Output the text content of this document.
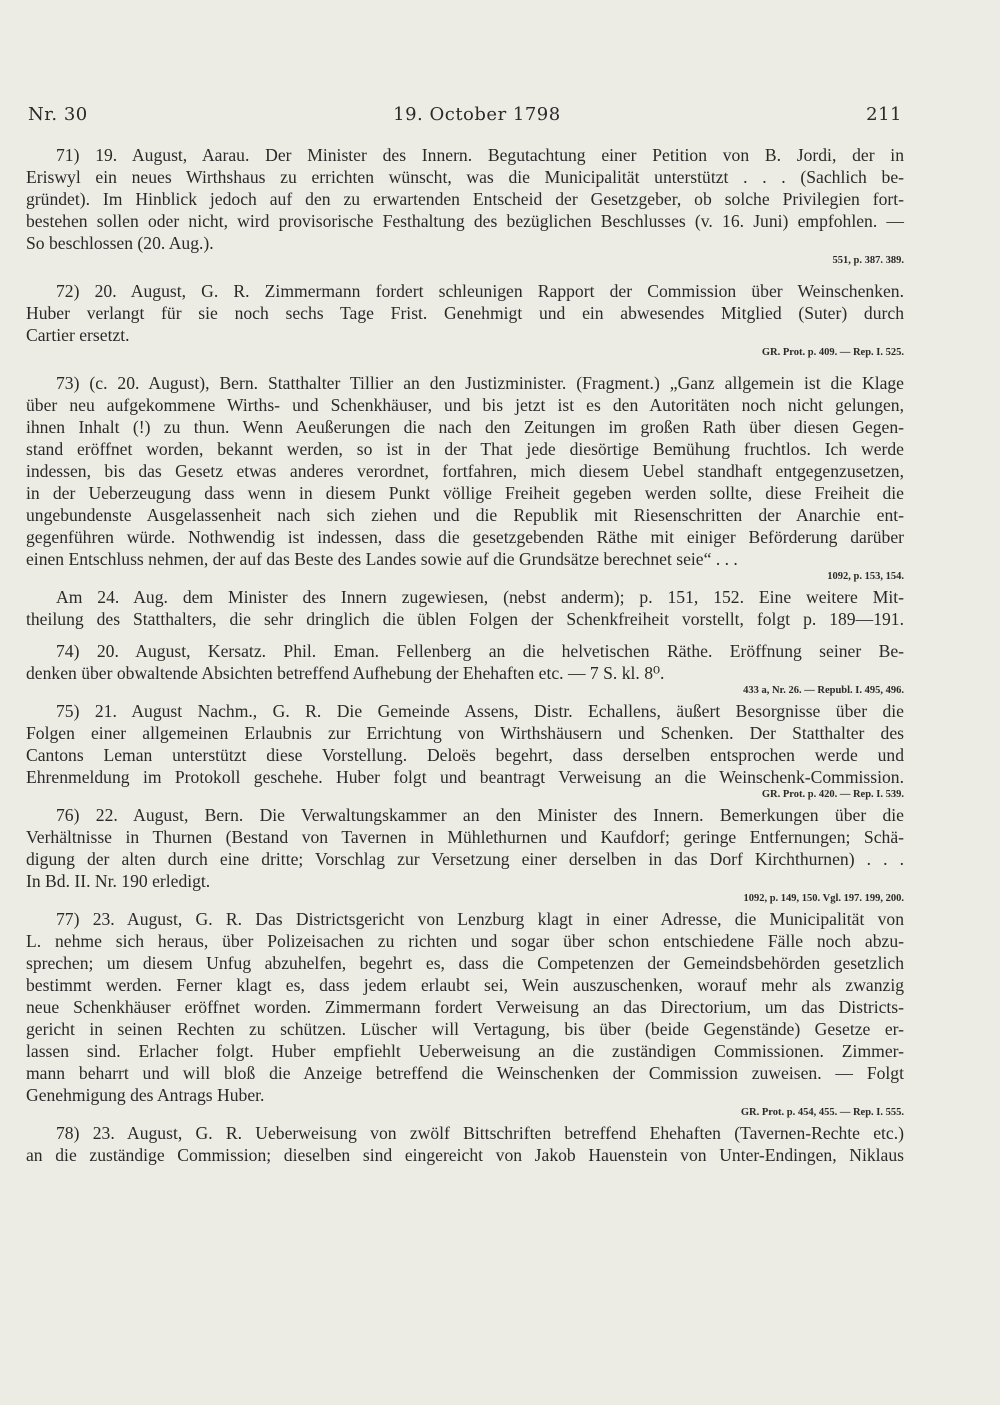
Nr. 30	19. October 1798	211
71) 19. August, Aarau. Der Minister des Innern. Begutachtung einer Petition von B. Jordi, der in
Eriswyl ein neues Wirthshaus zu errichten wünscht, was die Municipalität unterstützt . . . (Sachlich be-
gründet). Im Hinblick jedoch auf den zu erwartenden Entscheid der Gesetzgeber, ob solche Privilegien fort-
bestehen sollen oder nicht, wird provisorische Festhaltung des bezüglichen Beschlusses (v. 16. Juni) empfohlen. —
So beschlossen (20. Aug.).
551, p. 387. 389.
72) 20. August, G. R. Zimmermann fordert schleunigen Rapport der Commission über Weinschenken.
Huber verlangt für sie noch sechs Tage Frist. Genehmigt und ein abwesendes Mitglied (Suter) durch
Cartier ersetzt.
GR. Prot. p. 409. — Rep. I. 525.
73) (c. 20. August), Bern. Statthalter Tillier an den Justizminister. (Fragment.) „Ganz allgemein ist die Klage
über neu aufgekommene Wirths- und Schenkhäuser, und bis jetzt ist es den Autoritäten noch nicht gelungen,
ihnen Inhalt (!) zu thun. Wenn Aeußerungen die nach den Zeitungen im großen Rath über diesen Gegen-
stand eröffnet worden, bekannt werden, so ist in der That jede diesörtige Bemühung fruchtlos. Ich werde
indessen, bis das Gesetz etwas anderes verordnet, fortfahren, mich diesem Uebel standhaft entgegenzusetzen,
in der Ueberzeugung dass wenn in diesem Punkt völlige Freiheit gegeben werden sollte, diese Freiheit die
ungebundenste Ausgelassenheit nach sich ziehen und die Republik mit Riesenschritten der Anarchie ent-
gegenführen würde. Nothwendig ist indessen, dass die gesetzgebenden Räthe mit einiger Beförderung darüber
einen Entschluss nehmen, der auf das Beste des Landes sowie auf die Grundsätze berechnet seie“ . . .
1092, p. 153, 154.
Am 24. Aug. dem Minister des Innern zugewiesen, (nebst anderm); p. 151, 152. Eine weitere Mit-
theilung des Statthalters, die sehr dringlich die üblen Folgen der Schenkfreiheit vorstellt, folgt p. 189—191.
74) 20. August, Kersatz. Phil. Eman. Fellenberg an die helvetischen Räthe. Eröffnung seiner Be-
denken über obwaltende Absichten betreffend Aufhebung der Ehehaften etc. — 7 S. kl. 8⁰.
433 a, Nr. 26. — Republ. I. 495, 496.
75) 21. August Nachm., G. R. Die Gemeinde Assens, Distr. Echallens, äußert Besorgnisse über die
Folgen einer allgemeinen Erlaubnis zur Errichtung von Wirthshäusern und Schenken. Der Statthalter des
Cantons Leman unterstützt diese Vorstellung. Deloës begehrt, dass derselben entsprochen werde und
Ehrenmeldung im Protokoll geschehe. Huber folgt und beantragt Verweisung an die Weinschenk-Commission.
GR. Prot. p. 420. — Rep. I. 539.
76) 22. August, Bern. Die Verwaltungskammer an den Minister des Innern. Bemerkungen über die
Verhältnisse in Thurnen (Bestand von Tavernen in Mühlethurnen und Kaufdorf; geringe Entfernungen; Schä-
digung der alten durch eine dritte; Vorschlag zur Versetzung einer derselben in das Dorf Kirchthurnen) . . .
In Bd. II. Nr. 190 erledigt.
1092, p. 149, 150. Vgl. 197. 199, 200.
77) 23. August, G. R. Das Districtsgericht von Lenzburg klagt in einer Adresse, die Municipalität von
L. nehme sich heraus, über Polizeisachen zu richten und sogar über schon entschiedene Fälle noch abzu-
sprechen; um diesem Unfug abzuhelfen, begehrt es, dass die Competenzen der Gemeindsbehörden gesetzlich
bestimmt werden. Ferner klagt es, dass jedem erlaubt sei, Wein auszuschenken, worauf mehr als zwanzig
neue Schenkhäuser eröffnet worden. Zimmermann fordert Verweisung an das Directorium, um das Districts-
gericht in seinen Rechten zu schützen. Lüscher will Vertagung, bis über (beide Gegenstände) Gesetze er-
lassen sind. Erlacher folgt. Huber empfiehlt Ueberweisung an die zuständigen Commissionen. Zimmer-
mann beharrt und will bloß die Anzeige betreffend die Weinschenken der Commission zuweisen. — Folgt
Genehmigung des Antrags Huber.
GR. Prot. p. 454, 455. — Rep. I. 555.
78) 23. August, G. R. Ueberweisung von zwölf Bittschriften betreffend Ehehaften (Tavernen-Rechte etc.)
an die zuständige Commission; dieselben sind eingereicht von Jakob Hauenstein von Unter-Endingen, Niklaus
